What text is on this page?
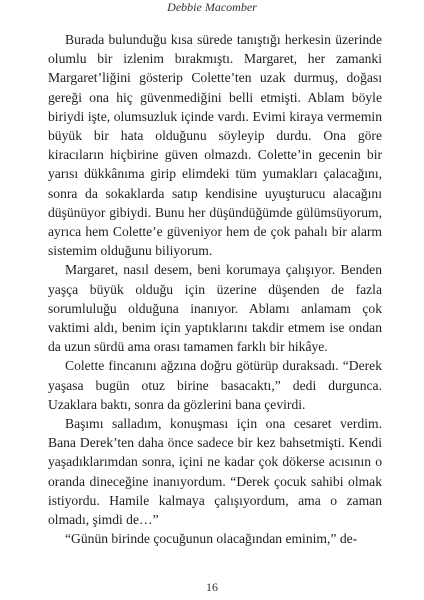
Debbie Macomber

Burada bulunduğu kısa sürede tanıştığı herkesin üzerinde olumlu bir izlenim bırakmıştı. Margaret, her zamanki Margaret’liğini gösterip Colette’ten uzak durmuş, doğası gereği ona hiç güvenmediğini belli etmişti. Ablam böyle biriydi işte, olumsuzluk içinde vardı. Evimi kiraya vermemin büyük bir hata olduğunu söyleyip durdu. Ona göre kiracıların hiçbirine güven olmazdı. Colette’in gecenin bir yarısı dükkânıma girip elimdeki tüm yumakları çalacağını, sonra da sokaklarda satıp kendisine uyuşturucu alacağını düşünüyor gibiydi. Bunu her düşündüğümde gülümsüyorum, ayrıca hem Colette’e güveniyor hem de çok pahalı bir alarm sistemim olduğunu biliyorum.

Margaret, nasıl desem, beni korumaya çalışıyor. Benden yaşça büyük olduğu için üzerine düşenden de fazla sorumluluğu olduğuna inanıyor. Ablamı anlamam çok vaktimi aldı, benim için yaptıklarını takdir etmem ise ondan da uzun sürdü ama orası tamamen farklı bir hikâye.

Colette fincanını ağzına doğru götürüp duraksadı. “Derek yaşasa bugün otuz birine basacaktı,” dedi durgunca. Uzaklara baktı, sonra da gözlerini bana çevirdi.

Başımı salladım, konuşması için ona cesaret verdim. Bana Derek’ten daha önce sadece bir kez bahsetmişti. Kendi yaşadıklarımdan sonra, içini ne kadar çok dökerse acısının o oranda dineceğine inanıyordum. “Derek çocuk sahibi olmak istiyordu. Hamile kalmaya çalışıyordum, ama o zaman olmadı, şimdi de…”

“Günün birinde çocuğunun olacağından eminim,” de-

16
